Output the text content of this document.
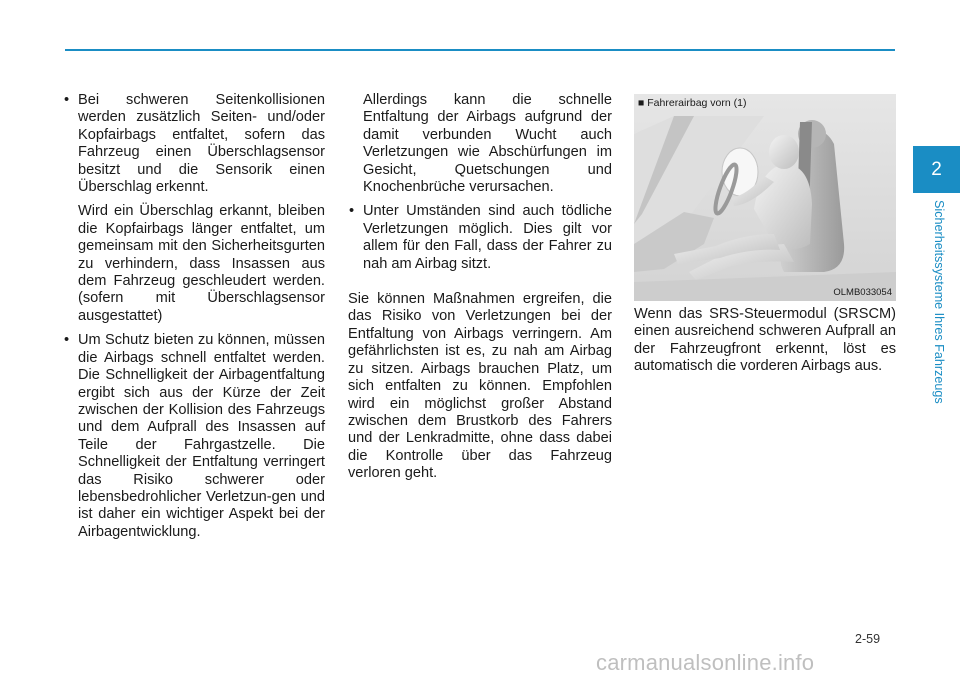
• Bei schweren Seitenkollisionen werden zusätzlich Seiten- und/oder Kopfairbags entfaltet, sofern das Fahrzeug einen Überschlagsensor besitzt und die Sensorik einen Überschlag erkennt.

Wird ein Überschlag erkannt, bleiben die Kopfairbags länger entfaltet, um gemeinsam mit den Sicherheitsgurten zu verhindern, dass Insassen aus dem Fahrzeug geschleudert werden. (sofern mit Überschlagsensor ausgestattet)

• Um Schutz bieten zu können, müssen die Airbags schnell entfaltet werden. Die Schnelligkeit der Airbagentfaltung ergibt sich aus der Kürze der Zeit zwischen der Kollision des Fahrzeugs und dem Aufprall des Insassen auf Teile der Fahrgastzelle. Die Schnelligkeit der Entfaltung verringert das Risiko schwerer oder lebensbedrohlicher Verletzun-gen und ist daher ein wichtiger Aspekt bei der Airbagentwicklung.

Allerdings kann die schnelle Entfaltung der Airbags aufgrund der damit verbunden Wucht auch Verletzungen wie Abschürfungen im Gesicht, Quetschungen und Knochenbrüche verursachen.

• Unter Umständen sind auch tödliche Verletzungen möglich. Dies gilt vor allem für den Fall, dass der Fahrer zu nah am Airbag sitzt.

Sie können Maßnahmen ergreifen, die das Risiko von Verletzungen bei der Entfaltung von Airbags verringern. Am gefährlichsten ist es, zu nah am Airbag zu sitzen. Airbags brauchen Platz, um sich entfalten zu können. Empfohlen wird ein möglichst großer Abstand zwischen dem Brustkorb des Fahrers und der Lenkradmitte, ohne dass dabei die Kontrolle über das Fahrzeug verloren geht.

■ Fahrerairbag vorn (1)
OLMB033054

Wenn das SRS-Steuermodul (SRSCM) einen ausreichend schweren Aufprall an der Fahrzeugfront erkennt, löst es automatisch die vorderen Airbags aus.

2
Sicherheitssysteme Ihres Fahrzeugs
2-59
carmanualsonline.info
